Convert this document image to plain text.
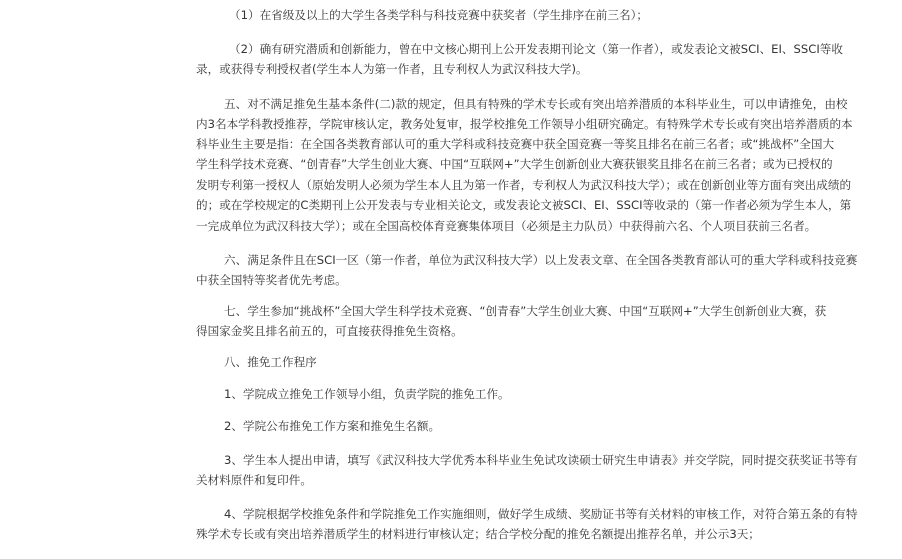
（1）在省级及以上的大学生各类学科与科技竞赛中获奖者（学生排序在前三名）；

（2）确有研究潜质和创新能力，曾在中文核心期刊上公开发表期刊论文（第一作者），或发表论文被SCI、EI、SSCI等收

录，或获得专利授权者(学生本人为第一作者，且专利权人为武汉科技大学)。

五、对不满足推免生基本条件(二)款的规定，但具有特殊的学术专长或有突出培养潜质的本科毕业生，可以申请推免，由校

内3名本学科教授推荐，学院审核认定，教务处复审，报学校推免工作领导小组研究确定。有特殊学术专长或有突出培养潜质的本

科毕业生主要是指：在全国各类教育部认可的重大学科或科技竞赛中获全国竞赛一等奖且排名在前三名者；或“挑战杯”全国大

学生科学技术竞赛、“创青春”大学生创业大赛、中国“互联网+”大学生创新创业大赛获银奖且排名在前三名者；或为已授权的

发明专利第一授权人（原始发明人必须为学生本人且为第一作者，专利权人为武汉科技大学）；或在创新创业等方面有突出成绩的

的；或在学校规定的C类期刊上公开发表与专业相关论文，或发表论文被SCI、EI、SSCI等收录的（第一作者必须为学生本人，第

一完成单位为武汉科技大学）；或在全国高校体育竞赛集体项目（必须是主力队员）中获得前六名、个人项目获前三名者。

六、满足条件且在SCI一区（第一作者，单位为武汉科技大学）以上发表文章、在全国各类教育部认可的重大学科或科技竞赛

中获全国特等奖者优先考虑。

七、学生参加“挑战杯”全国大学生科学技术竞赛、“创青春”大学生创业大赛、中国“互联网+”大学生创新创业大赛，获

得国家金奖且排名前五的，可直接获得推免生资格。

八、推免工作程序

1、学院成立推免工作领导小组，负责学院的推免工作。

2、学院公布推免工作方案和推免生名额。

3、学生本人提出申请，填写《武汉科技大学优秀本科毕业生免试攻读硕士研究生申请表》并交学院，同时提交获奖证书等有

关材料原件和复印件。

4、学院根据学校推免条件和学院推免工作实施细则，做好学生成绩、奖励证书等有关材料的审核工作，对符合第五条的有特

殊学术专长或有突出培养潜质学生的材料进行审核认定；结合学校分配的推免名额提出推荐名单，并公示3天；
